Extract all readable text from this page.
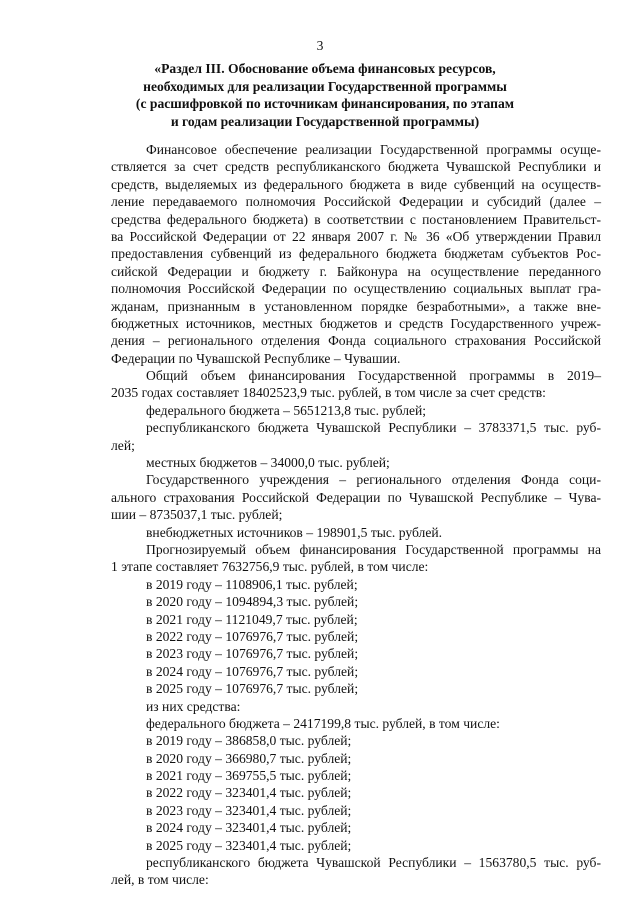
3
«Раздел III. Обоснование объема финансовых ресурсов,
необходимых для реализации Государственной программы
(с расшифровкой по источникам финансирования, по этапам
и годам реализации Государственной программы)
Финансовое обеспечение реализации Государственной программы осуще-
ствляется за счет средств республиканского бюджета Чувашской Республики и
средств, выделяемых из федерального бюджета в виде субвенций на осуществ-
ление передаваемого полномочия Российской Федерации и субсидий (далее –
средства федерального бюджета) в соответствии с постановлением Правительст-
ва Российской Федерации от 22 января 2007 г. № 36 «Об утверждении Правил
предоставления субвенций из федерального бюджета бюджетам субъектов Рос-
сийской Федерации и бюджету г. Байконура на осуществление переданного
полномочия Российской Федерации по осуществлению социальных выплат гра-
жданам, признанным в установленном порядке безработными», а также вне-
бюджетных источников, местных бюджетов и средств Государственного учреж-
дения – регионального отделения Фонда социального страхования Российской
Федерации по Чувашской Республике – Чувашии.
Общий объем финансирования Государственной программы в 2019–
2035 годах составляет 18402523,9 тыс. рублей, в том числе за счет средств:
федерального бюджета – 5651213,8 тыс. рублей;
республиканского бюджета Чувашской Республики – 3783371,5 тыс. руб-
лей;
местных бюджетов – 34000,0 тыс. рублей;
Государственного учреждения – регионального отделения Фонда соци-
ального страхования Российской Федерации по Чувашской Республике – Чува-
шии – 8735037,1 тыс. рублей;
внебюджетных источников – 198901,5 тыс. рублей.
Прогнозируемый объем финансирования Государственной программы на
1 этапе составляет 7632756,9 тыс. рублей, в том числе:
в 2019 году – 1108906,1 тыс. рублей;
в 2020 году – 1094894,3 тыс. рублей;
в 2021 году – 1121049,7 тыс. рублей;
в 2022 году – 1076976,7 тыс. рублей;
в 2023 году – 1076976,7 тыс. рублей;
в 2024 году – 1076976,7 тыс. рублей;
в 2025 году – 1076976,7 тыс. рублей;
из них средства:
федерального бюджета – 2417199,8 тыс. рублей, в том числе:
в 2019 году – 386858,0 тыс. рублей;
в 2020 году – 366980,7 тыс. рублей;
в 2021 году – 369755,5 тыс. рублей;
в 2022 году – 323401,4 тыс. рублей;
в 2023 году – 323401,4 тыс. рублей;
в 2024 году – 323401,4 тыс. рублей;
в 2025 году – 323401,4 тыс. рублей;
республиканского бюджета Чувашской Республики – 1563780,5 тыс. руб-
лей, в том числе:
